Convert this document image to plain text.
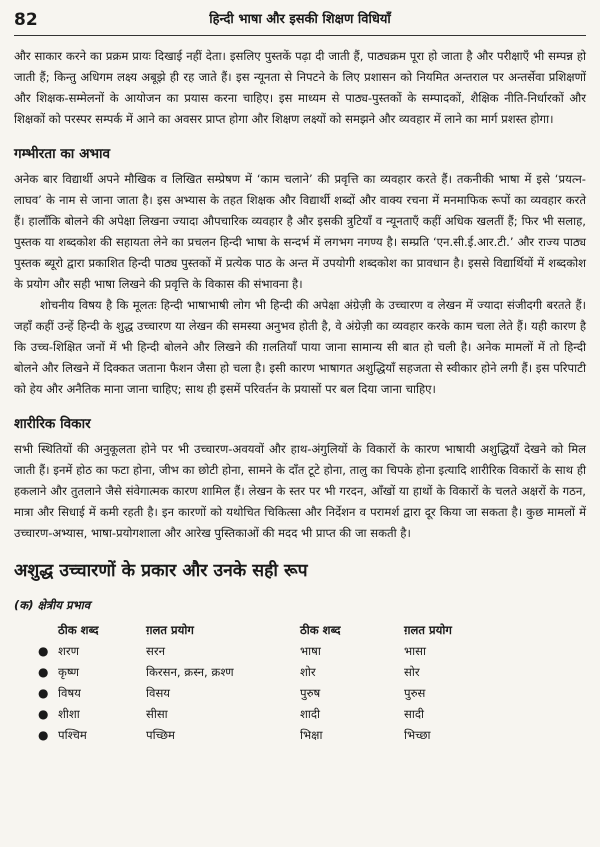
82	हिन्दी भाषा और इसकी शिक्षण विधियाँ

और साकार करने का प्रक्रम प्रायः दिखाई नहीं देता। इसलिए पुस्तकें पढ़ा दी जाती हैं, पाठ्यक्रम पूरा हो जाता है और परीक्षाएँ भी सम्पन्न हो जाती हैं; किन्तु अधिगम लक्ष्य अबूझे ही रह जाते हैं। इस न्यूनता से निपटने के लिए प्रशासन को नियमित अन्तराल पर अन्तर्सेवा प्रशिक्षणों और शिक्षक-सम्मेलनों के आयोजन का प्रयास करना चाहिए। इस माध्यम से पाठ्य-पुस्तकों के सम्पादकों, शैक्षिक नीति-निर्धारकों और शिक्षकों को परस्पर सम्पर्क में आने का अवसर प्राप्त होगा और शिक्षण लक्ष्यों को समझने और व्यवहार में लाने का मार्ग प्रशस्त होगा।

गम्भीरता का अभाव

अनेक बार विद्यार्थी अपने मौखिक व लिखित सम्प्रेषण में ‘काम चलाने’ की प्रवृत्ति का व्यवहार करते हैं। तकनीकी भाषा में इसे ‘प्रयत्न-लाघव’ के नाम से जाना जाता है। इस अभ्यास के तहत शिक्षक और विद्यार्थी शब्दों और वाक्य रचना में मनमाफिक रूपों का व्यवहार करते हैं। हालाँकि बोलने की अपेक्षा लिखना ज्यादा औपचारिक व्यवहार है और इसकी त्रुटियाँ व न्यूनताएँ कहीं अधिक खलतीं हैं; फिर भी सलाह, पुस्तक या शब्दकोश की सहायता लेने का प्रचलन हिन्दी भाषा के सन्दर्भ में लगभग नगण्य है। सम्प्रति ‘एन.सी.ई.आर.टी.’ और राज्य पाठ्य पुस्तक ब्यूरो द्वारा प्रकाशित हिन्दी पाठ्य पुस्तकों में प्रत्येक पाठ के अन्त में उपयोगी शब्दकोश का प्रावधान है। इससे विद्यार्थियों में शब्दकोश के प्रयोग और सही भाषा लिखने की प्रवृत्ति के विकास की संभावना है।

शोचनीय विषय है कि मूलतः हिन्दी भाषाभाषी लोग भी हिन्दी की अपेक्षा अंग्रेज़ी के उच्चारण व लेखन में ज्यादा संजीदगी बरतते हैं। जहाँ कहीं उन्हें हिन्दी के शुद्ध उच्चारण या लेखन की समस्या अनुभव होती है, वे अंग्रेज़ी का व्यवहार करके काम चला लेते हैं। यही कारण है कि उच्च-शिक्षित जनों में भी हिन्दी बोलने और लिखने की ग़लतियाँ पाया जाना सामान्य सी बात हो चली है। अनेक मामलों में तो हिन्दी बोलने और लिखने में दिक्कत जताना फैशन जैसा हो चला है। इसी कारण भाषागत अशुद्धियाँ सहजता से स्वीकार होने लगी हैं। इस परिपाटी को हेय और अनैतिक माना जाना चाहिए; साथ ही इसमें परिवर्तन के प्रयासों पर बल दिया जाना चाहिए।

शारीरिक विकार

सभी स्थितियों की अनुकूलता होने पर भी उच्चारण-अवयवों और हाथ-अंगुलियों के विकारों के कारण भाषायी अशुद्धियाँ देखने को मिल जाती हैं। इनमें होठ का फटा होना, जीभ का छोटी होना, सामने के दाँत टूटे होना, तालु का चिपके होना इत्यादि शारीरिक विकारों के साथ ही हकलाने और तुतलाने जैसे संवेगात्मक कारण शामिल हैं। लेखन के स्तर पर भी गरदन, आँखों या हाथों के विकारों के चलते अक्षरों के गठन, मात्रा और सिधाई में कमी रहती है। इन कारणों को यथोचित चिकित्सा और निर्देशन व परामर्श द्वारा दूर किया जा सकता है। कुछ मामलों में उच्चारण-अभ्यास, भाषा-प्रयोगशाला और आरेख पुस्तिकाओं की मदद भी प्राप्त की जा सकती है।

अशुद्ध उच्चारणों के प्रकार और उनके सही रूप
(क) क्षेत्रीय प्रभाव
ठीक शब्द	ग़लत प्रयोग	ठीक शब्द	ग़लत प्रयोग
● शरण	सरन	भाषा	भासा
● कृष्ण	किरसन, क्रस्न, क्रश्ण	शोर	सोर
● विषय	विसय	पुरुष	पुरुस
● शीशा	सीसा	शादी	सादी
● पश्चिम	पच्छिम	भिक्षा	भिच्छा
